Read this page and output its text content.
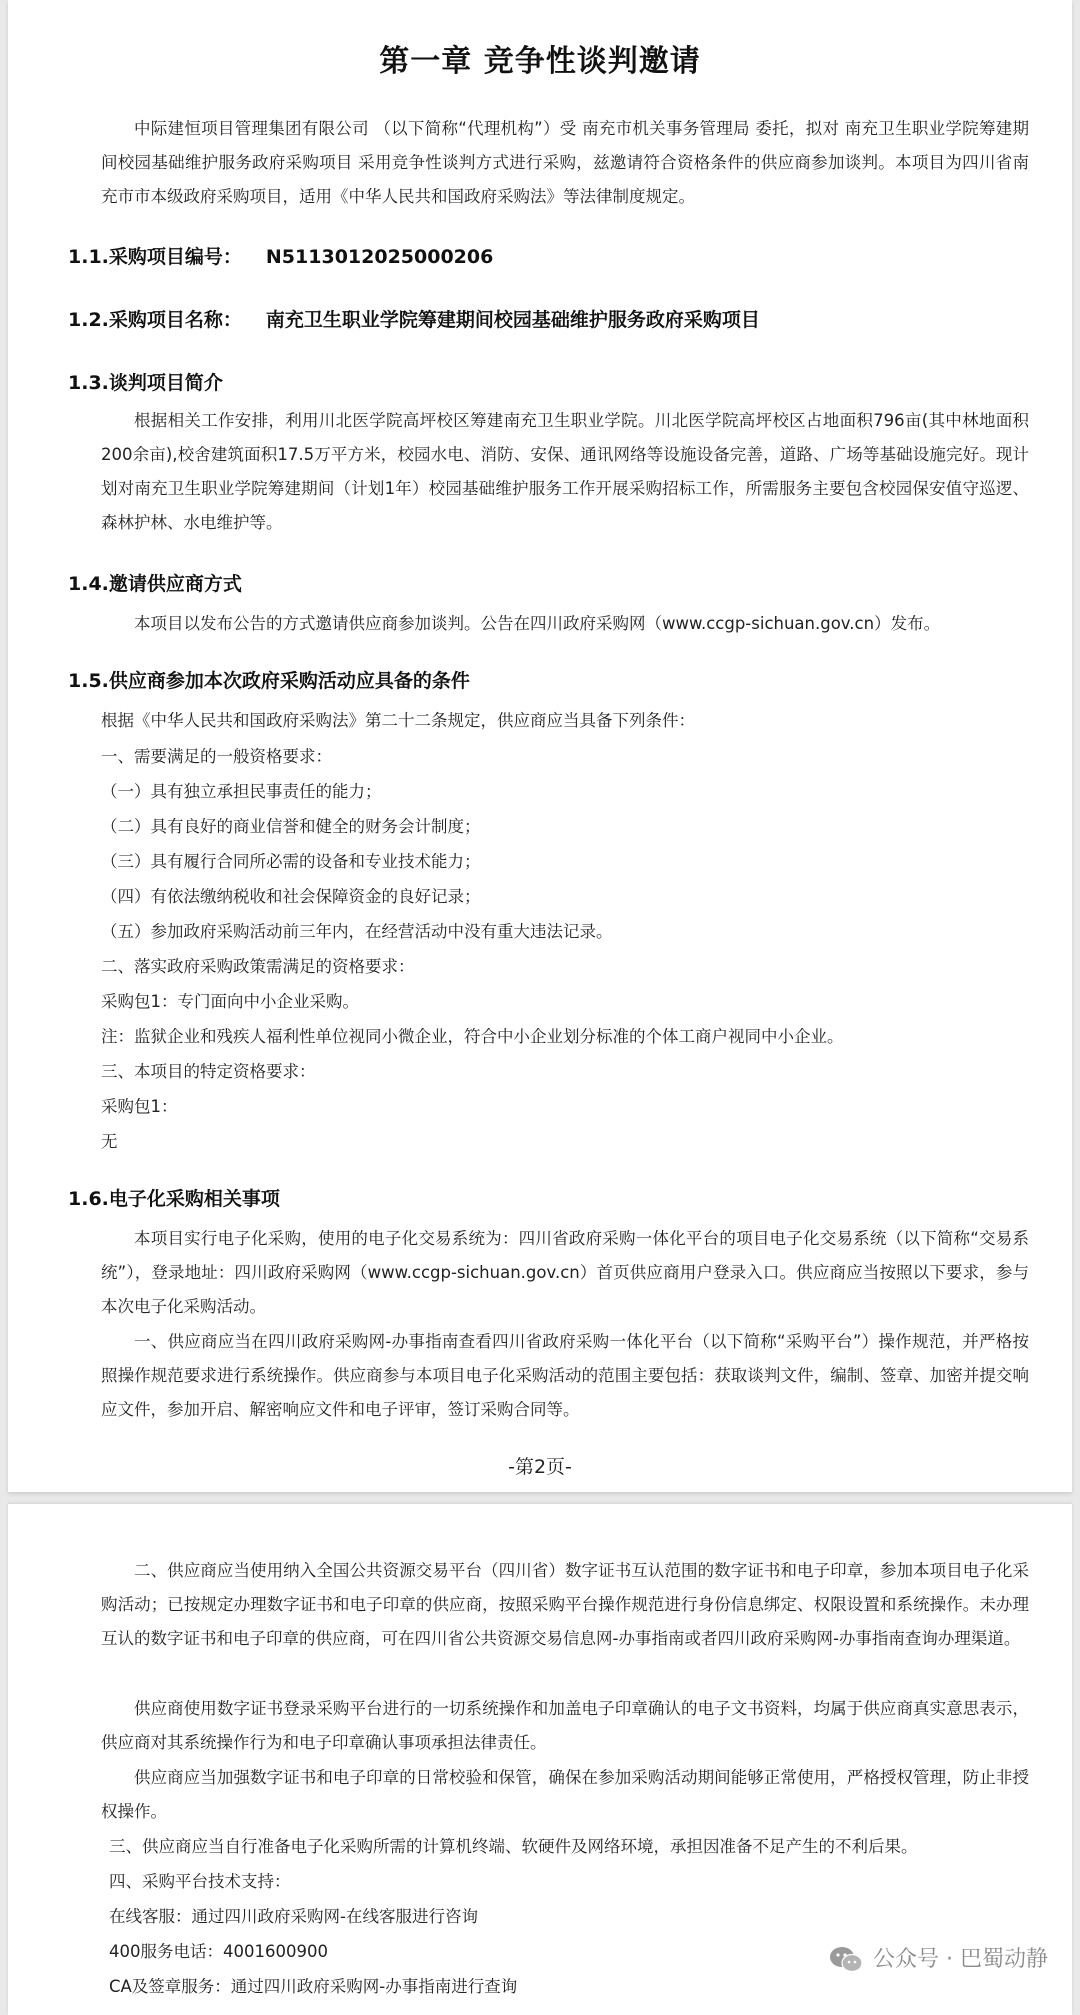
第一章 竞争性谈判邀请

中际建恒项目管理集团有限公司 （以下简称“代理机构”）受 南充市机关事务管理局 委托，拟对 南充卫生职业学院筹建期间校园基础维护服务政府采购项目 采用竞争性谈判方式进行采购，兹邀请符合资格条件的供应商参加谈判。本项目为四川省南充市市本级政府采购项目，适用《中华人民共和国政府采购法》等法律制度规定。

1.1.采购项目编号： N5113012025000206
1.2.采购项目名称： 南充卫生职业学院筹建期间校园基础维护服务政府采购项目
1.3.谈判项目简介

根据相关工作安排，利用川北医学院高坪校区筹建南充卫生职业学院。川北医学院高坪校区占地面积796亩(其中林地面积200余亩),校舍建筑面积17.5万平方米，校园水电、消防、安保、通讯网络等设施设备完善，道路、广场等基础设施完好。现计划对南充卫生职业学院筹建期间（计划1年）校园基础维护服务工作开展采购招标工作，所需服务主要包含校园保安值守巡逻、森林护林、水电维护等。

1.4.邀请供应商方式

本项目以发布公告的方式邀请供应商参加谈判。公告在四川政府采购网（www.ccgp-sichuan.gov.cn）发布。

1.5.供应商参加本次政府采购活动应具备的条件
根据《中华人民共和国政府采购法》第二十二条规定，供应商应当具备下列条件：
一、需要满足的一般资格要求：
（一）具有独立承担民事责任的能力；
（二）具有良好的商业信誉和健全的财务会计制度；
（三）具有履行合同所必需的设备和专业技术能力；
（四）有依法缴纳税收和社会保障资金的良好记录；
（五）参加政府采购活动前三年内，在经营活动中没有重大违法记录。
二、落实政府采购政策需满足的资格要求：
采购包1：专门面向中小企业采购。
注：监狱企业和残疾人福利性单位视同小微企业，符合中小企业划分标准的个体工商户视同中小企业。
三、本项目的特定资格要求：
采购包1：
无
1.6.电子化采购相关事项

本项目实行电子化采购，使用的电子化交易系统为：四川省政府采购一体化平台的项目电子化交易系统（以下简称“交易系统”），登录地址：四川政府采购网（www.ccgp-sichuan.gov.cn）首页供应商用户登录入口。供应商应当按照以下要求，参与本次电子化采购活动。

一、供应商应当在四川政府采购网-办事指南查看四川省政府采购一体化平台（以下简称“采购平台”）操作规范，并严格按照操作规范要求进行系统操作。供应商参与本项目电子化采购活动的范围主要包括：获取谈判文件，编制、签章、加密并提交响应文件，参加开启、解密响应文件和电子评审，签订采购合同等。

-第2页-

二、供应商应当使用纳入全国公共资源交易平台（四川省）数字证书互认范围的数字证书和电子印章，参加本项目电子化采购活动；已按规定办理数字证书和电子印章的供应商，按照采购平台操作规范进行身份信息绑定、权限设置和系统操作。未办理互认的数字证书和电子印章的供应商，可在四川省公共资源交易信息网-办事指南或者四川政府采购网-办事指南查询办理渠道。

供应商使用数字证书登录采购平台进行的一切系统操作和加盖电子印章确认的电子文书资料，均属于供应商真实意思表示，供应商对其系统操作行为和电子印章确认事项承担法律责任。

供应商应当加强数字证书和电子印章的日常校验和保管，确保在参加采购活动期间能够正常使用，严格授权管理，防止非授权操作。

三、供应商应当自行准备电子化采购所需的计算机终端、软硬件及网络环境，承担因准备不足产生的不利后果。
四、采购平台技术支持：
在线客服：通过四川政府采购网-在线客服进行咨询
400服务电话：4001600900
CA及签章服务：通过四川政府采购网-办事指南进行查询
公众号 · 巴蜀动静
